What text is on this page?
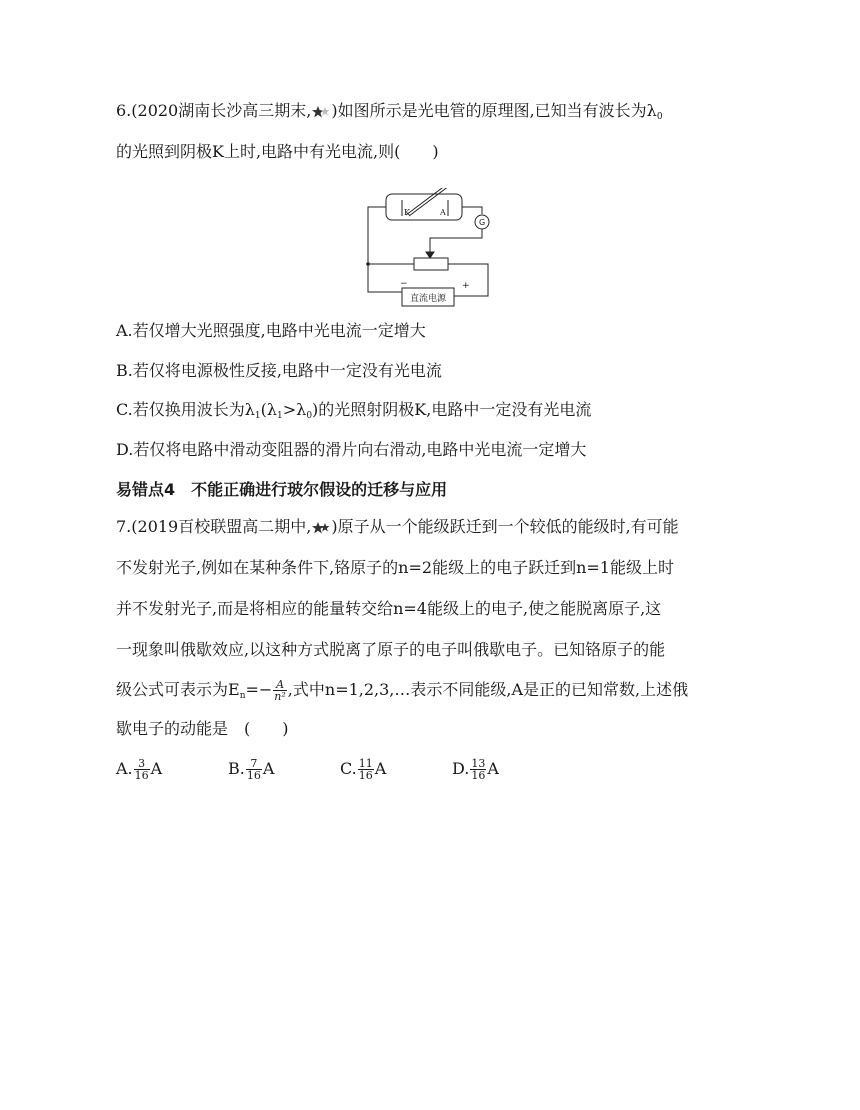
6.(2020湖南长沙高三期末, )如图所示是光电管的原理图,已知当有波长为$\lambda_0$
的光照到阴极K上时,电路中有光电流,则(　　)
K	A
G
−	+
直流电源
A.若仅增大光照强度,电路中光电流一定增大
B.若仅将电源极性反接,电路中一定没有光电流
C.若仅换用波长为$\lambda_1(\lambda_1>\lambda_0)$的光照射阴极K,电路中一定没有光电流
D.若仅将电路中滑动变阻器的滑片向右滑动,电路中光电流一定增大
易错点4　不能正确进行玻尔假设的迁移与应用
7.(2019百校联盟高二期中, )原子从一个能级跃迁到一个较低的能级时,有可能
不发射光子,例如在某种条件下,铬原子的n=2能级上的电子跃迁到n=1能级上时
并不发射光子,而是将相应的能量转交给n=4能级上的电子,使之能脱离原子,这
一现象叫俄歇效应,以这种方式脱离了原子的电子叫俄歇电子。已知铬原子的能
级公式可表示为$E_n=- \frac{A}{\text{n²}}$ ,式中n=1,2,3,…表示不同能级,A是正的已知常数,上述俄
歇电子的动能是　(　　)
A. $\frac{3}{16}$ A	B. $\frac{7}{16}$ A	C. $\frac{11}{16}$ A	D. $\frac{13}{16}$ A
